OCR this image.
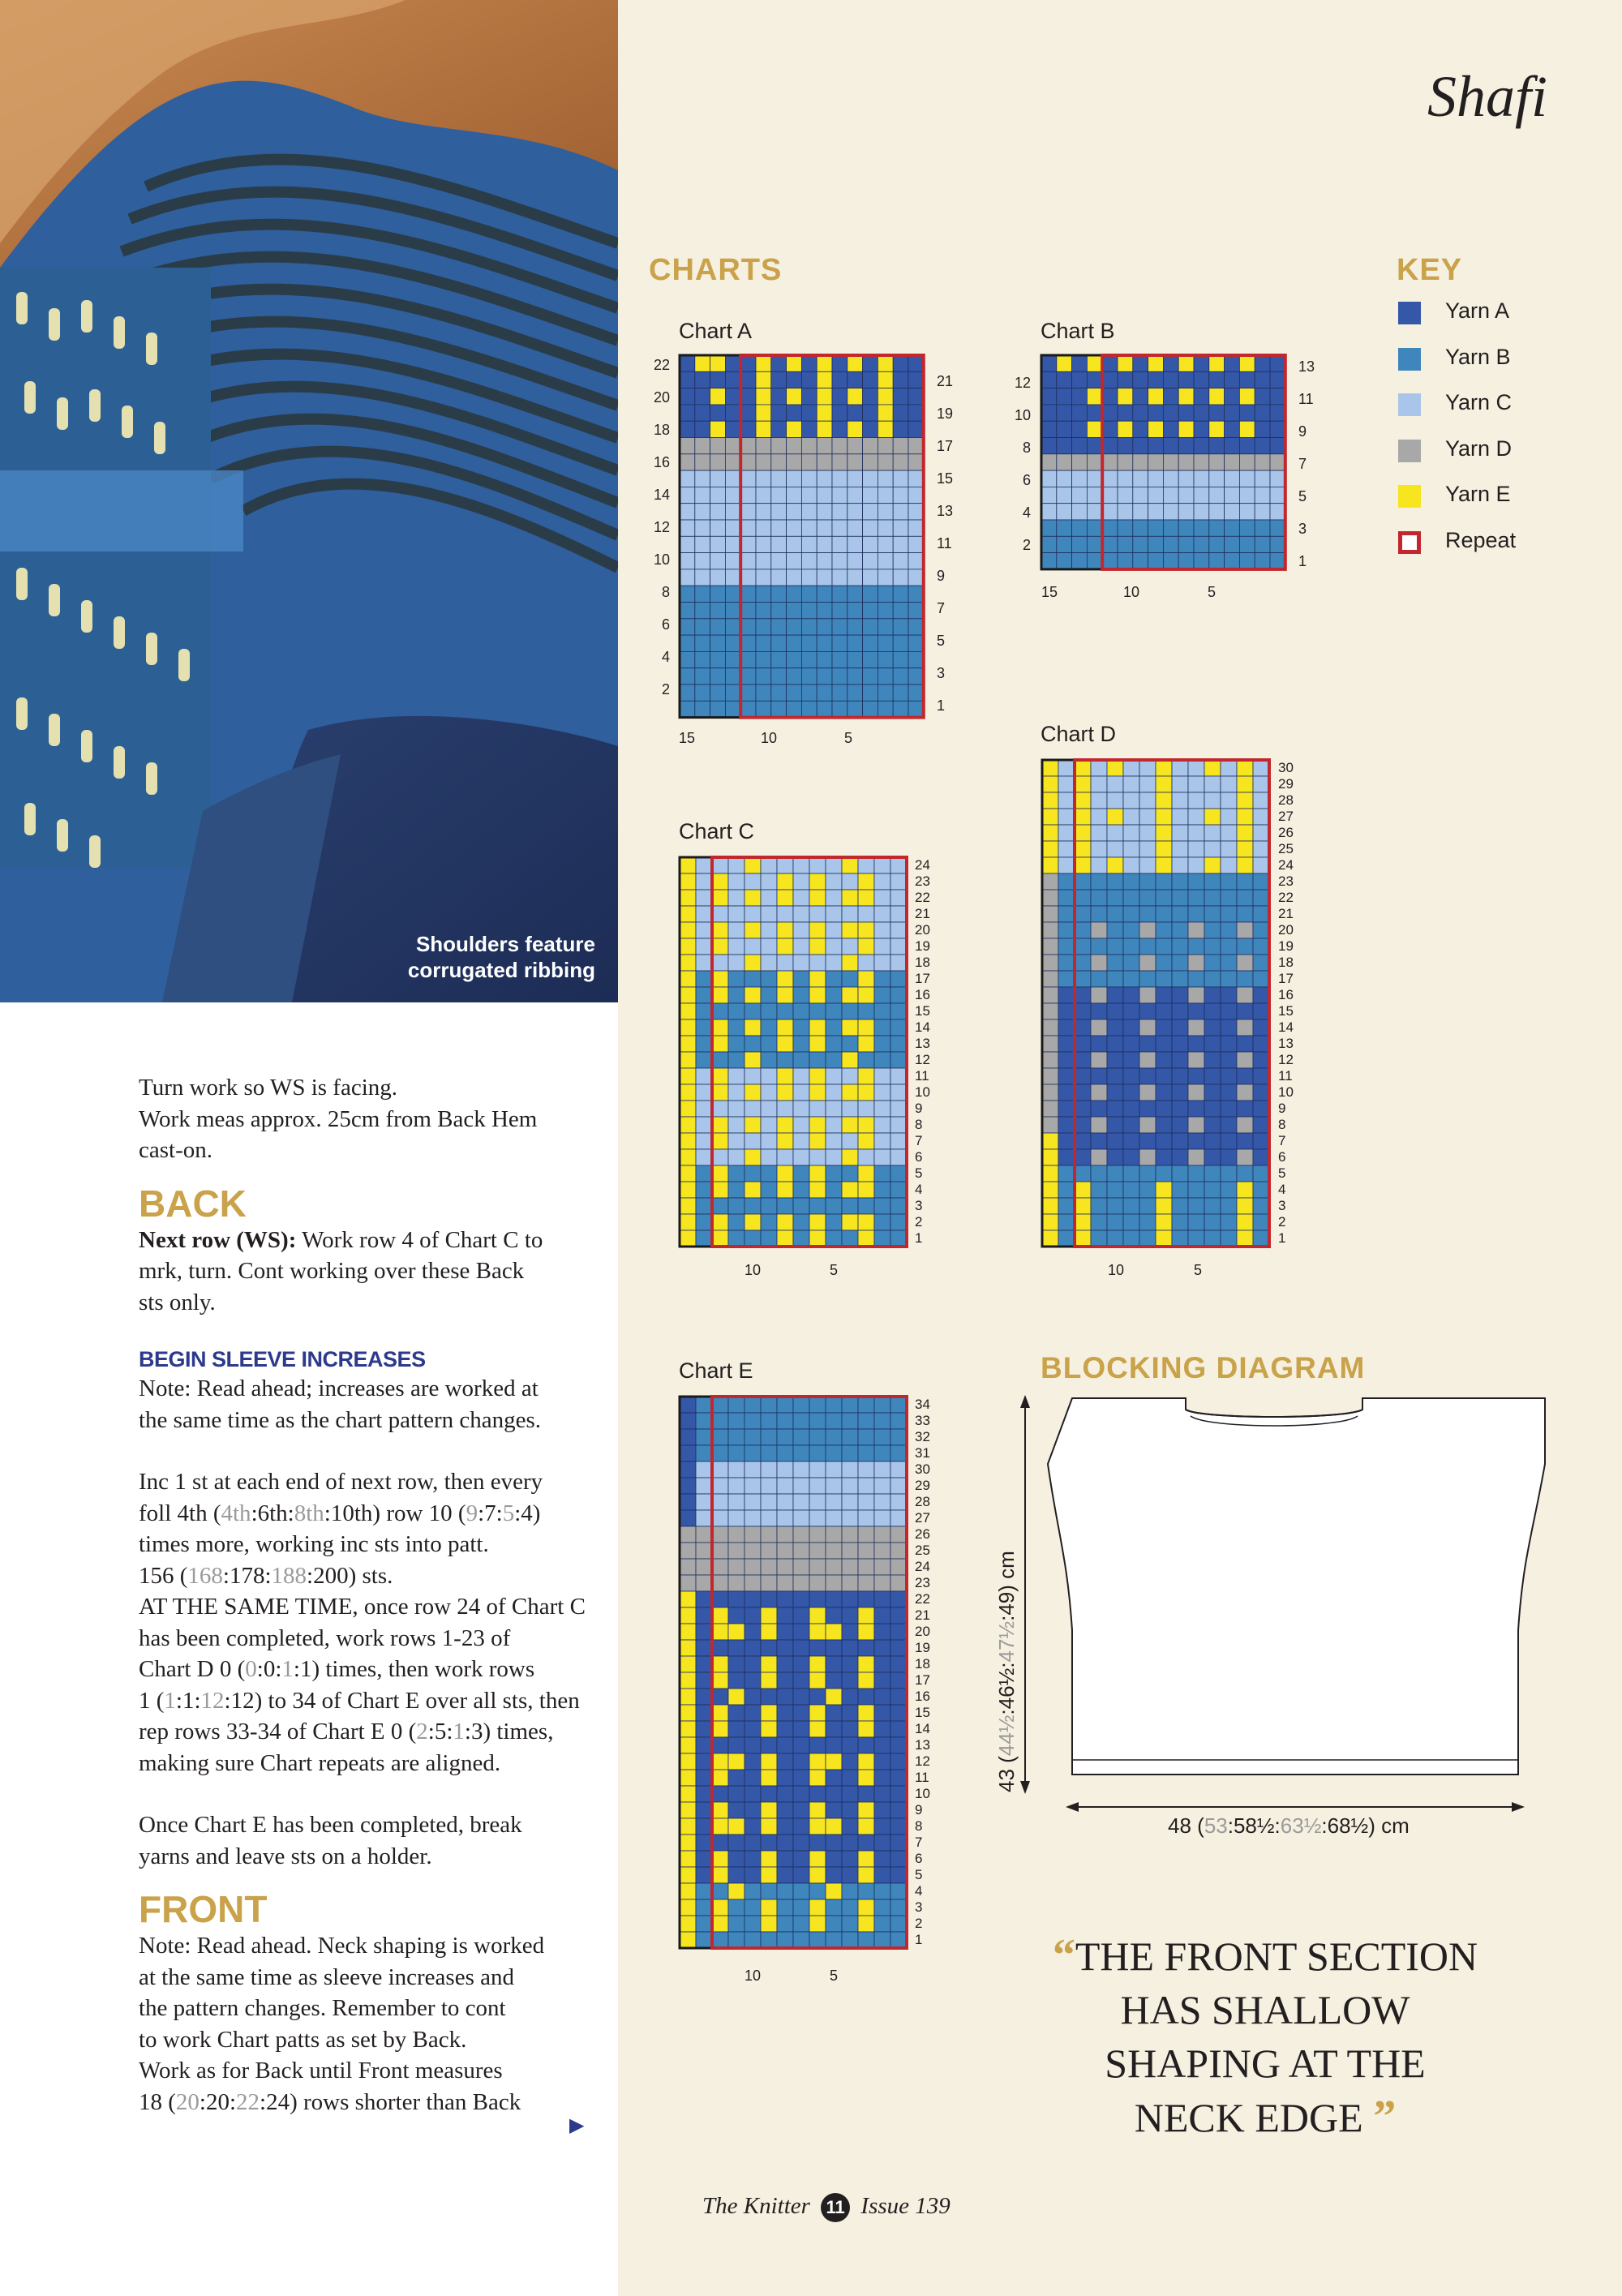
Shoulders feature
corrugated ribbing
Shafi
CHARTS
Chart A	Chart B
Chart C
Chart D
Chart E
22
20
18
16
14
12
10
8
6
4
2
21
19
17
15
13
11
9
7
5
3
1
15	10	5
12
10
8
6
4
2
13
11
9
7
5
3
1
15	10	5
24
23
22
21
20
19
18
17
16
15
14
13
12
11
10
9
8
7
6
5
4
3
2
1
10	5
30
29
28
27
26
25
24
23
22
21
20
19
18
17
16
15
14
13
12
11
10
9
8
7
6
5
4
3
2
1
10	5
34
33
32
31
30
29
28
27
26
25
24
23
22
21
20
19
18
17
16
15
14
13
12
11
10
9
8
7
6
5
4
3
2
1
10	5
KEY
Yarn A
Yarn B
Yarn C
Yarn D
Yarn E
Repeat
BLOCKING DIAGRAM
43 (44½:46½:47½:49) cm
48 (53:58½:63½:68½) cm
“THE FRONT SECTION
HAS SHALLOW
SHAPING AT THE
NECK EDGE ”
The Knitter 11 Issue 139

Turn work so WS is facing.

Work meas approx. 25cm from Back Hem

cast-on.

BACK

Next row (WS): Work row 4 of Chart C to

mrk, turn. Cont working over these Back

sts only.

BEGIN SLEEVE INCREASES

Note: Read ahead; increases are worked at

the same time as the chart pattern changes.

Inc 1 st at each end of next row, then every

foll 4th (4th:6th:8th:10th) row 10 (9:7:5:4)

times more, working inc sts into patt.

156 (168:178:188:200) sts.

AT THE SAME TIME, once row 24 of Chart C

has been completed, work rows 1-23 of

Chart D 0 (0:0:1:1) times, then work rows

1 (1:1:12:12) to 34 of Chart E over all sts, then

rep rows 33-34 of Chart E 0 (2:5:1:3) times,

making sure Chart repeats are aligned.

Once Chart E has been completed, break

yarns and leave sts on a holder.

FRONT

Note: Read ahead. Neck shaping is worked

at the same time as sleeve increases and

the pattern changes. Remember to cont

to work Chart patts as set by Back.

Work as for Back until Front measures

18 (20:20:22:24) rows shorter than Back

▶
